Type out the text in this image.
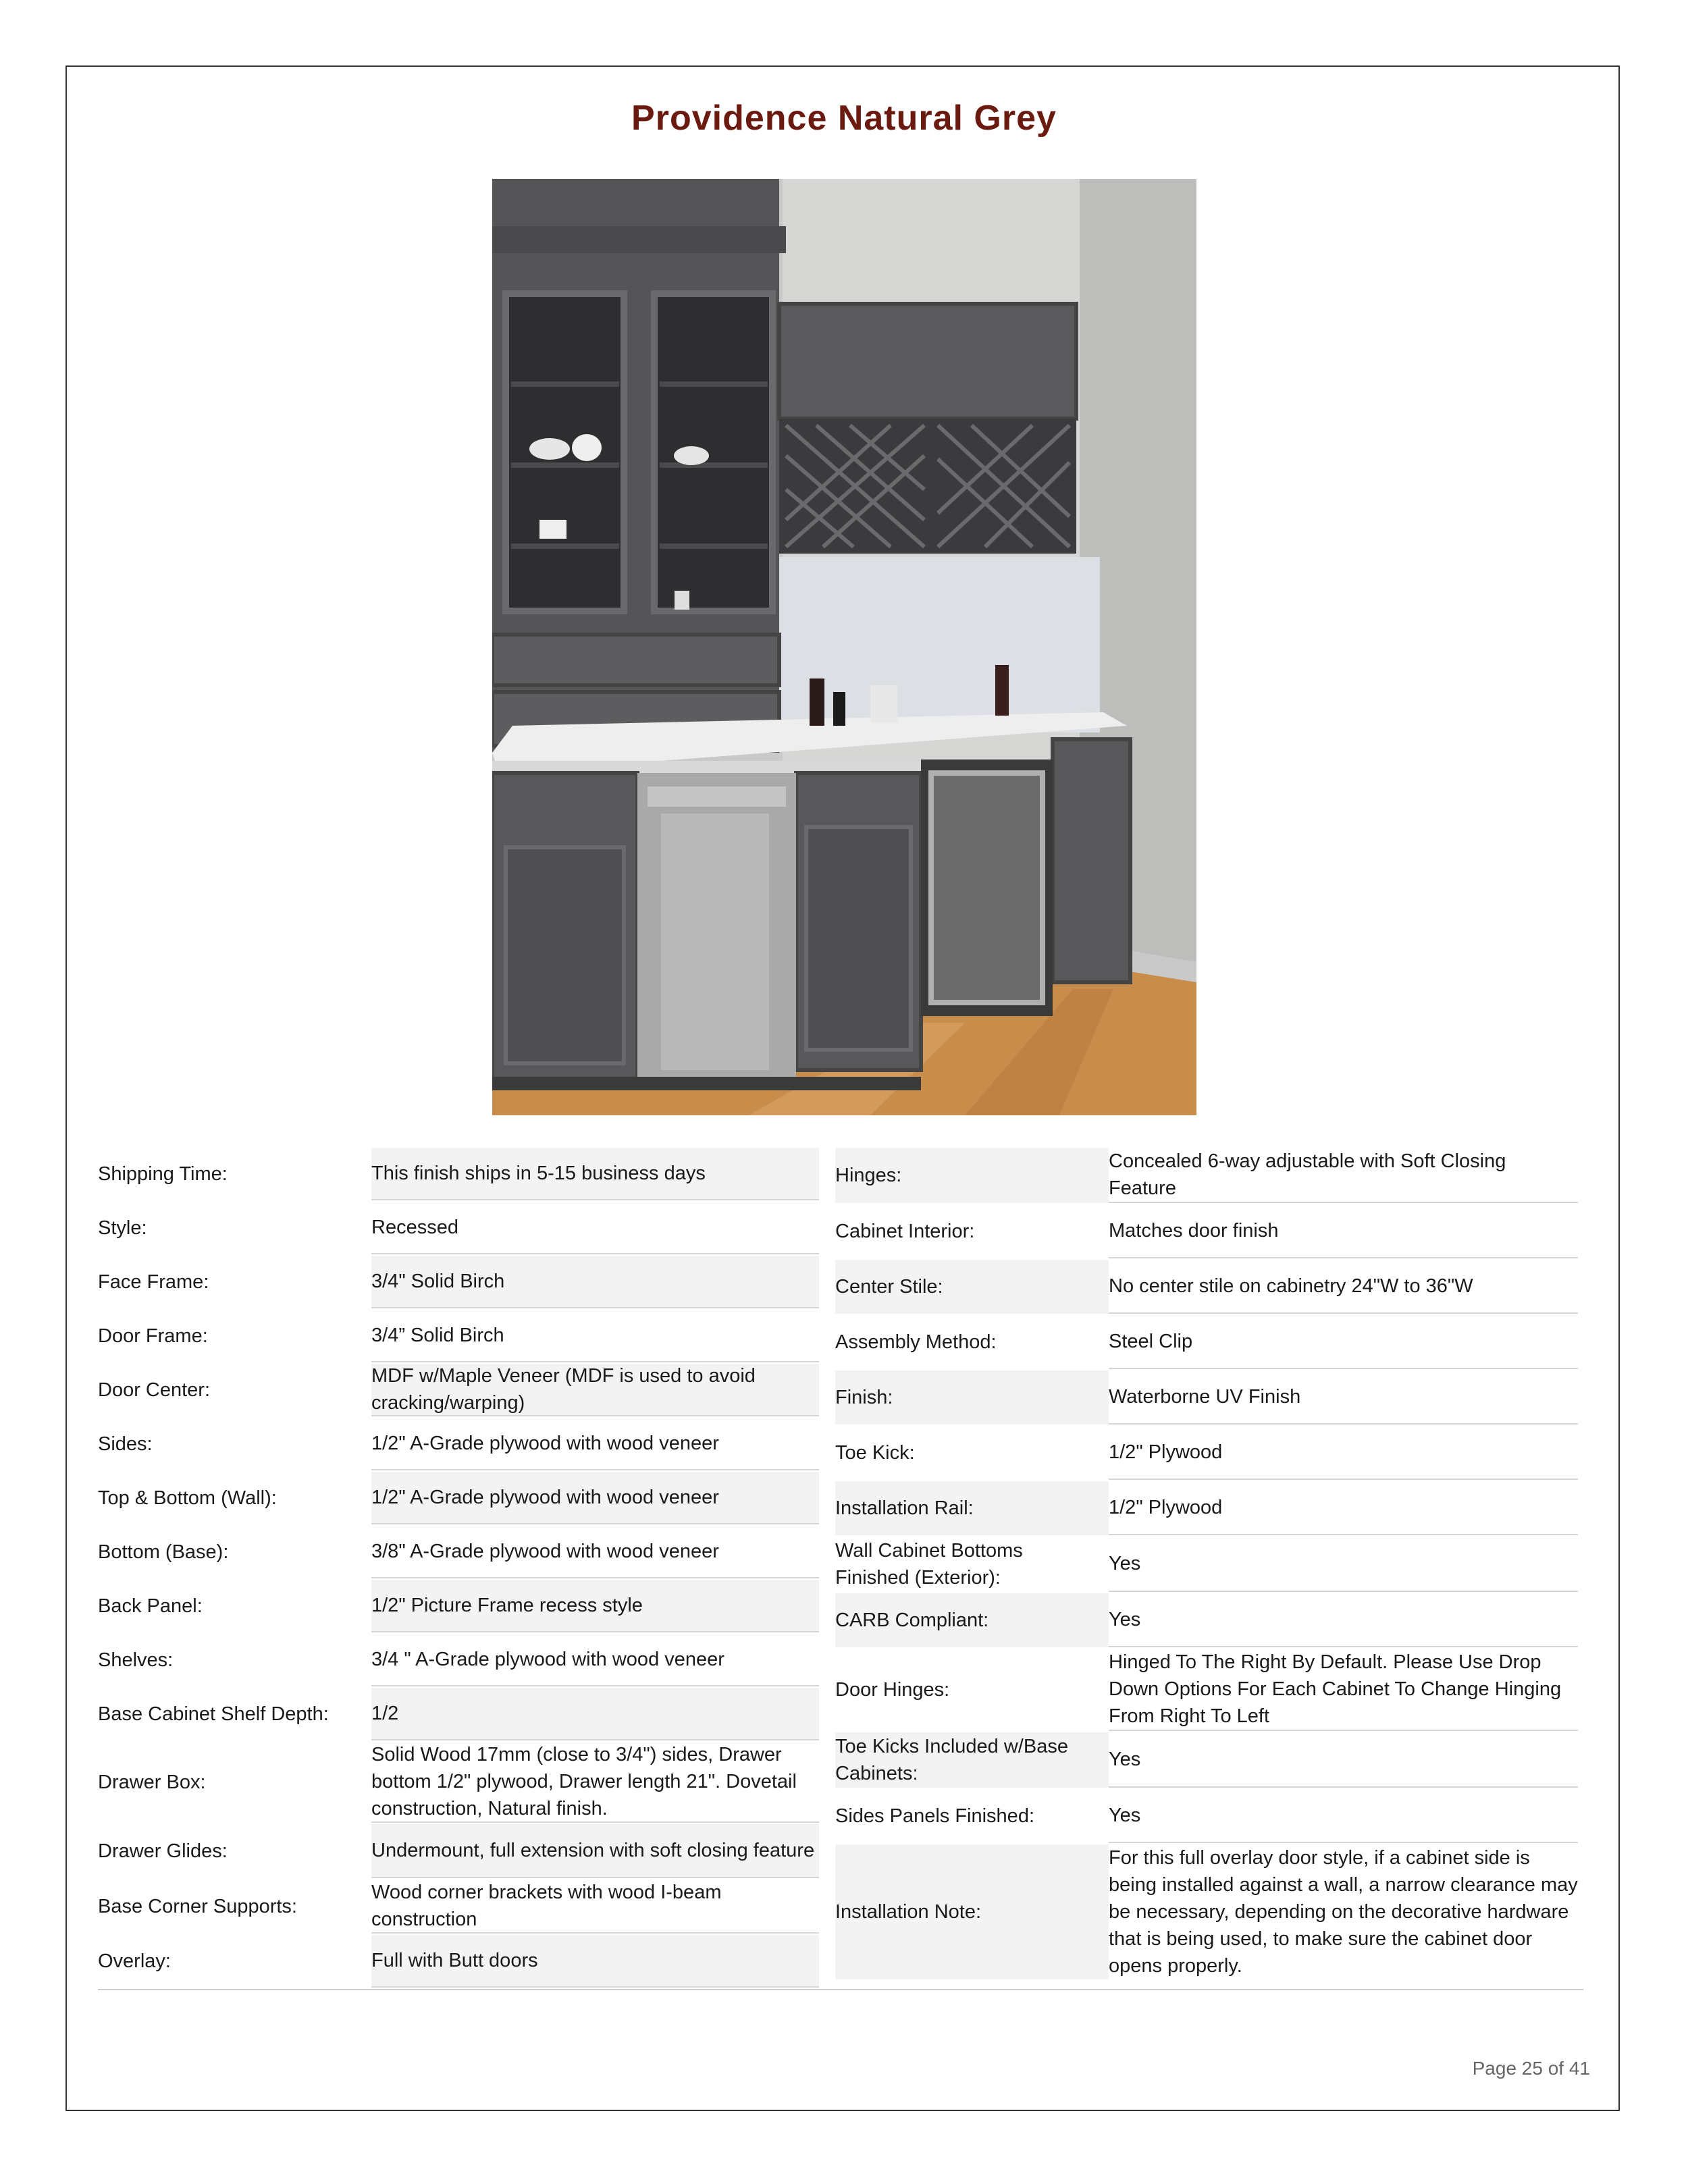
Providence Natural Grey
Shipping Time:	This finish ships in 5-15 business days
Style:	Recessed
Face Frame:	3/4" Solid Birch
Door Frame:	3/4” Solid Birch
Door Center:
MDF w/Maple Veneer (MDF is used to avoid cracking/warping)
Sides:	1/2" A-Grade plywood with wood veneer
Top & Bottom (Wall):	1/2" A-Grade plywood with wood veneer
Bottom (Base):	3/8" A-Grade plywood with wood veneer
Back Panel:	1/2" Picture Frame recess style
Shelves:	3/4 " A-Grade plywood with wood veneer
Base Cabinet Shelf Depth:	1/2
Drawer Box:
Solid Wood 17mm (close to 3/4") sides, Drawer bottom 1/2" plywood, Drawer length 21". Dovetail construction, Natural finish.
Drawer Glides:	Undermount, full extension with soft closing feature
Base Corner Supports:
Wood corner brackets with wood I-beam construction
Overlay:	Full with Butt doors
Hinges:
Concealed 6-way adjustable with Soft Closing Feature
Cabinet Interior:	Matches door finish
Center Stile:	No center stile on cabinetry 24"W to 36"W
Assembly Method:	Steel Clip
Finish:	Waterborne UV Finish
Toe Kick:	1/2" Plywood
Installation Rail:	1/2" Plywood
Wall Cabinet Bottoms Finished (Exterior):
Yes
CARB Compliant:	Yes
Door Hinges:
Hinged To The Right By Default. Please Use Drop Down Options For Each Cabinet To Change Hinging From Right To Left
Toe Kicks Included w/Base Cabinets:
Yes
Sides Panels Finished:	Yes
Installation Note:
For this full overlay door style, if a cabinet side is being installed against a wall, a narrow clearance may be necessary, depending on the decorative hardware that is being used, to make sure the cabinet door opens properly.
Page 25 of 41
